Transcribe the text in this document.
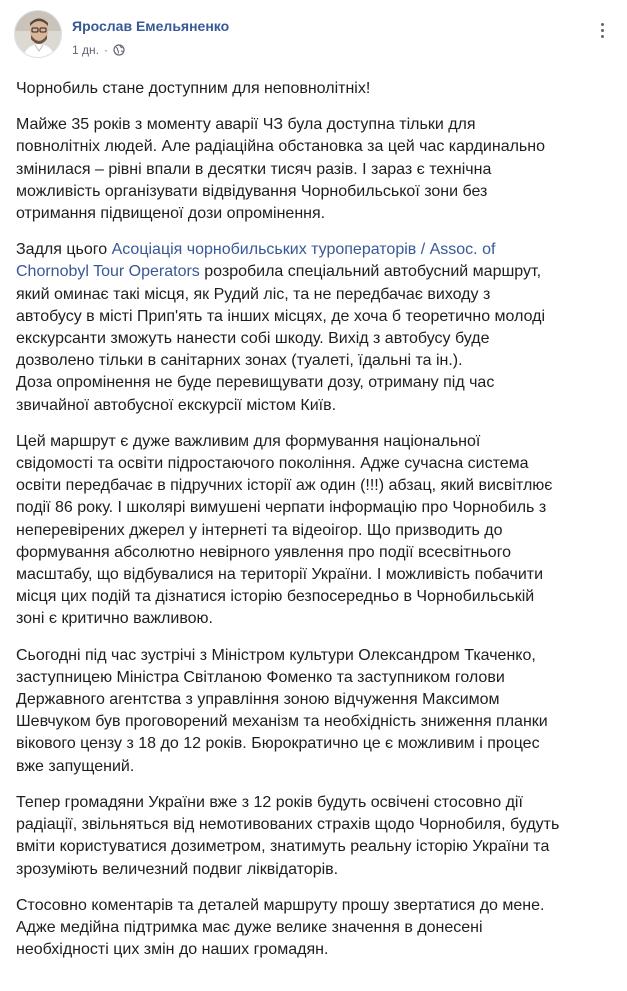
Ярослав Емельяненко
1 дн. ·

Чорнобиль стане доступним для неповнолітніх!

Майже 35 років з моменту аварії ЧЗ була доступна тільки для
повнолітніх людей. Але радіаційна обстановка за цей час кардинально
змінилася – рівні впали в десятки тисяч разів. І зараз є технічна
можливість організувати відвідування Чорнобильської зони без
отримання підвищеної дози опромінення.

Задля цього Асоціація чорнобильських туроператорів / Assoc. of
Chornobyl Tour Operators розробила спеціальний автобусний маршрут,
який оминає такі місця, як Рудий ліс, та не передбачає виходу з
автобусу в місті Прип'ять та інших місцях, де хоча б теоретично молоді
екскурсанти зможуть нанести собі шкоду. Вихід з автобусу буде
дозволено тільки в санітарних зонах (туалеті, їдальні та ін.).
Доза опромінення не буде перевищувати дозу, отриману під час
звичайної автобусної екскурсії містом Київ.

Цей маршрут є дуже важливим для формування національної
свідомості та освіти підростаючого покоління. Адже сучасна система
освіти передбачає в підручних історії аж один (!!!) абзац, який висвітлює
події 86 року. І школярі вимушені черпати інформацію про Чорнобиль з
неперевірених джерел у інтернеті та відеоігор. Що призводить до
формування абсолютно невірного уявлення про події всесвітнього
масштабу, що відбувалися на території України. І можливість побачити
місця цих подій та дізнатися історію безпосередньо в Чорнобильській
зоні є критично важливою.

Сьогодні під час зустрічі з Міністром культури Олександром Ткаченко,
заступницею Міністра Світланою Фоменко та заступником голови
Державного агентства з управління зоною відчуження Максимом
Шевчуком був проговорений механізм та необхідність зниження планки
вікового цензу з 18 до 12 років. Бюрократично це є можливим і процес
вже запущений.

Тепер громадяни України вже з 12 років будуть освічені стосовно дії
радіації, звільняться від немотивованих страхів щодо Чорнобиля, будуть
вміти користуватися дозиметром, знатимуть реальну історію України та
зрозуміють величезний подвиг ліквідаторів.

Стосовно коментарів та деталей маршруту прошу звертатися до мене.
Адже медійна підтримка має дуже велике значення в донесені
необхідності цих змін до наших громадян.
